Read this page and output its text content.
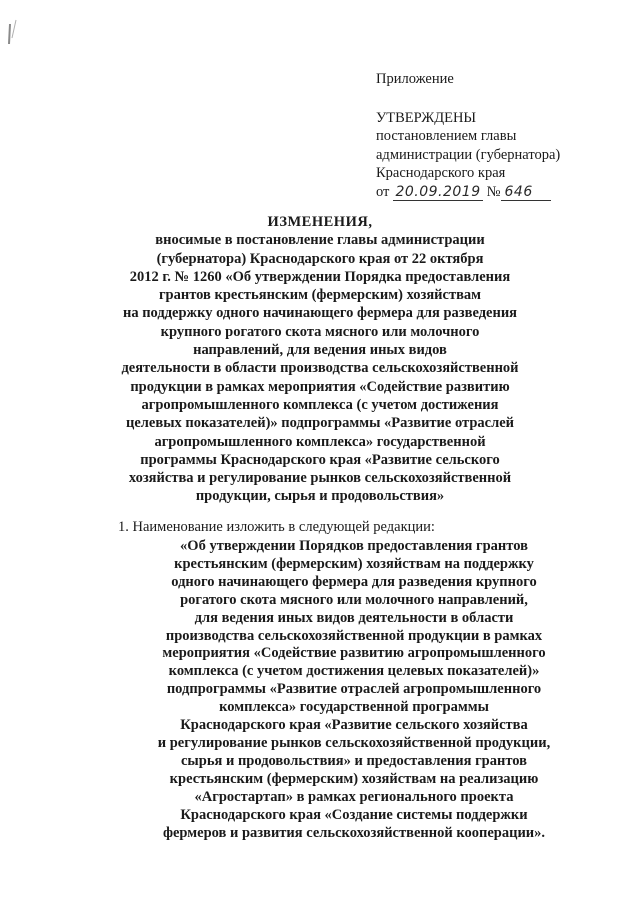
Приложение
УТВЕРЖДЕНЫ
постановлением главы
администрации (губернатора)
Краснодарского края
от 20.09.2019 № 646
ИЗМЕНЕНИЯ,
вносимые в постановление главы администрации
(губернатора) Краснодарского края от 22 октября
2012 г. № 1260 «Об утверждении Порядка предоставления
грантов крестьянским (фермерским) хозяйствам
на поддержку одного начинающего фермера для разведения
крупного рогатого скота мясного или молочного
направлений, для ведения иных видов
деятельности в области производства сельскохозяйственной
продукции в рамках мероприятия «Содействие развитию
агропромышленного комплекса (с учетом достижения
целевых показателей)» подпрограммы «Развитие отраслей
агропромышленного комплекса» государственной
программы Краснодарского края «Развитие сельского
хозяйства и регулирование рынков сельскохозяйственной
продукции, сырья и продовольствия»
1. Наименование изложить в следующей редакции:
«Об утверждении Порядков предоставления грантов
крестьянским (фермерским) хозяйствам на поддержку
одного начинающего фермера для разведения крупного
рогатого скота мясного или молочного направлений,
для ведения иных видов деятельности в области
производства сельскохозяйственной продукции в рамках
мероприятия «Содействие развитию агропромышленного
комплекса (с учетом достижения целевых показателей)»
подпрограммы «Развитие отраслей агропромышленного
комплекса» государственной программы
Краснодарского края «Развитие сельского хозяйства
и регулирование рынков сельскохозяйственной продукции,
сырья и продовольствия» и предоставления грантов
крестьянским (фермерским) хозяйствам на реализацию
«Агростартап» в рамках регионального проекта
Краснодарского края «Создание системы поддержки
фермеров и развития сельскохозяйственной кооперации».
